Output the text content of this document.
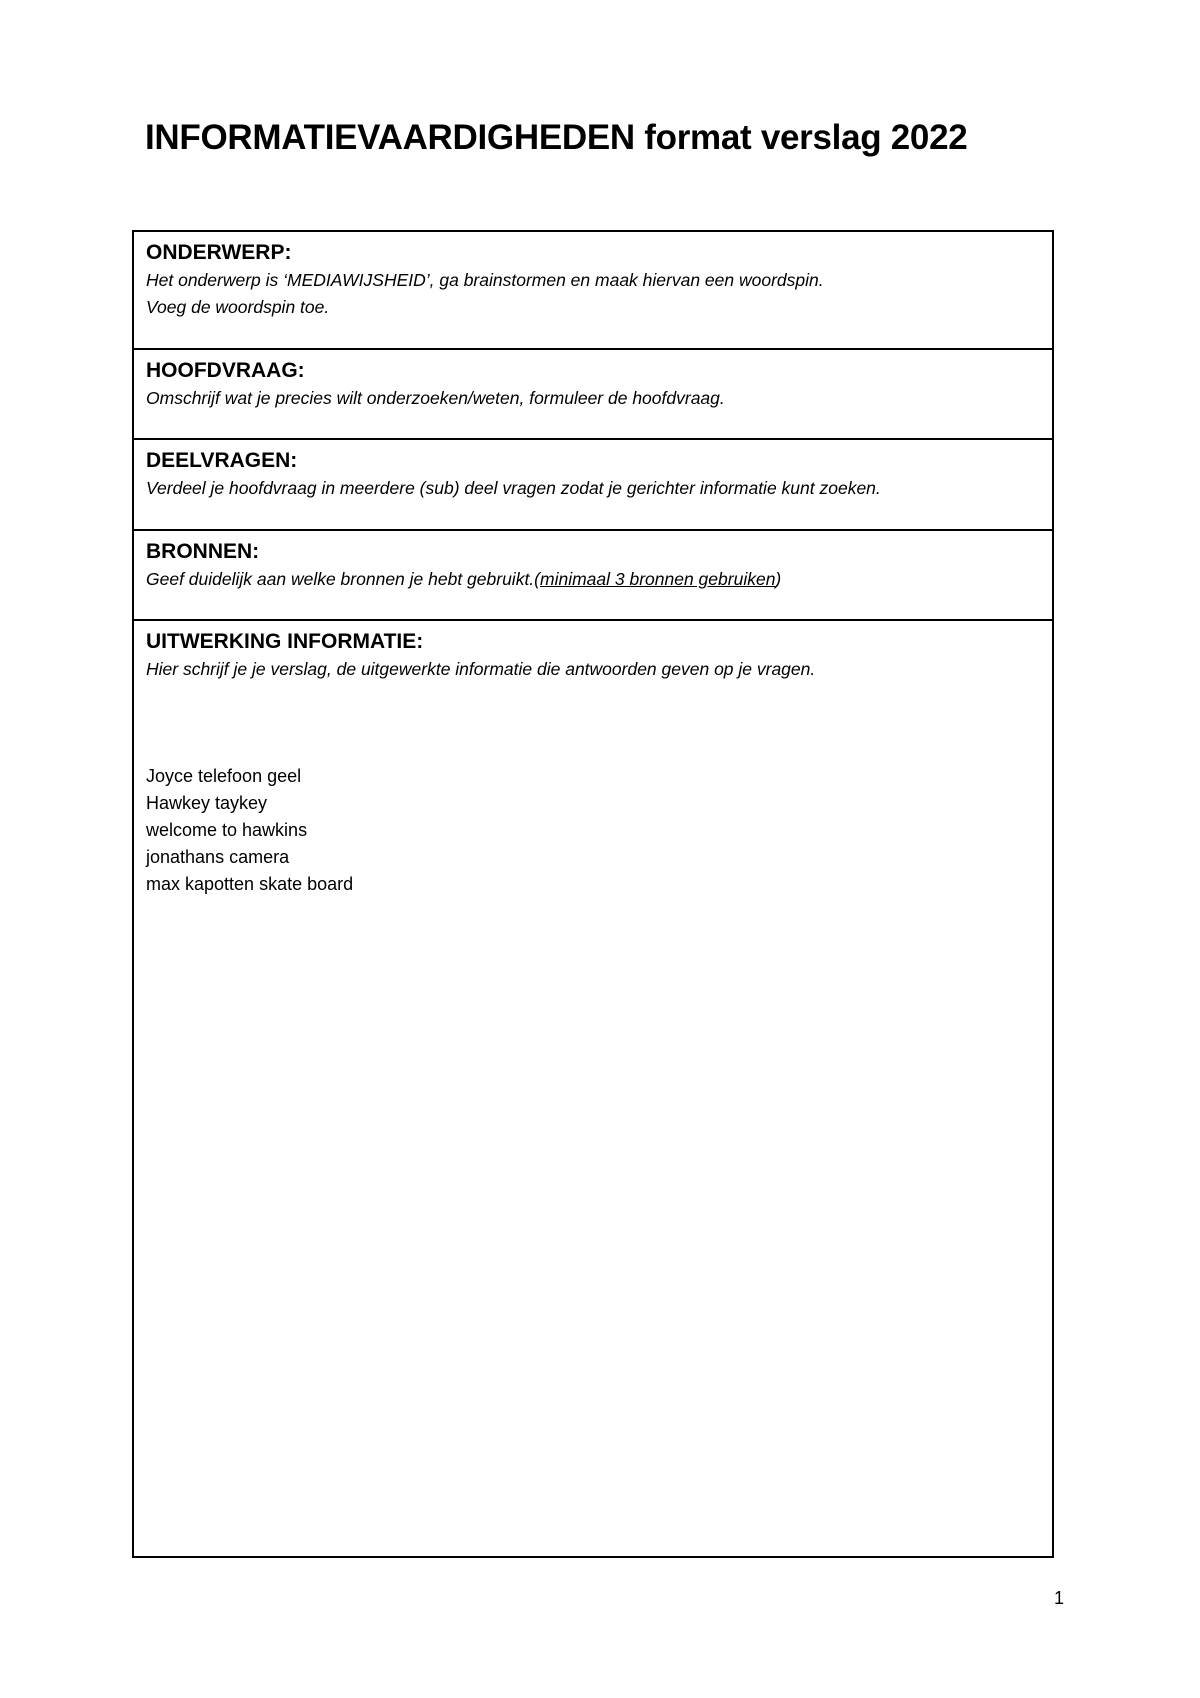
INFORMATIEVAARDIGHEDEN format verslag 2022
ONDERWERP:
Het onderwerp is ‘MEDIAWIJSHEID’, ga brainstormen en maak hiervan een woordspin.
Voeg de woordspin toe.
HOOFDVRAAG:
Omschrijf wat je precies wilt onderzoeken/weten, formuleer de hoofdvraag.
DEELVRAGEN:
Verdeel je hoofdvraag in meerdere (sub) deel vragen zodat je gerichter informatie kunt zoeken.
BRONNEN:
Geef duidelijk aan welke bronnen je hebt gebruikt.(minimaal 3 bronnen gebruiken)
UITWERKING INFORMATIE:
Hier schrijf je je verslag, de uitgewerkte informatie die antwoorden geven op je vragen.
Joyce telefoon geel
Hawkey taykey
welcome to hawkins
jonathans camera
max kapotten skate board
1
